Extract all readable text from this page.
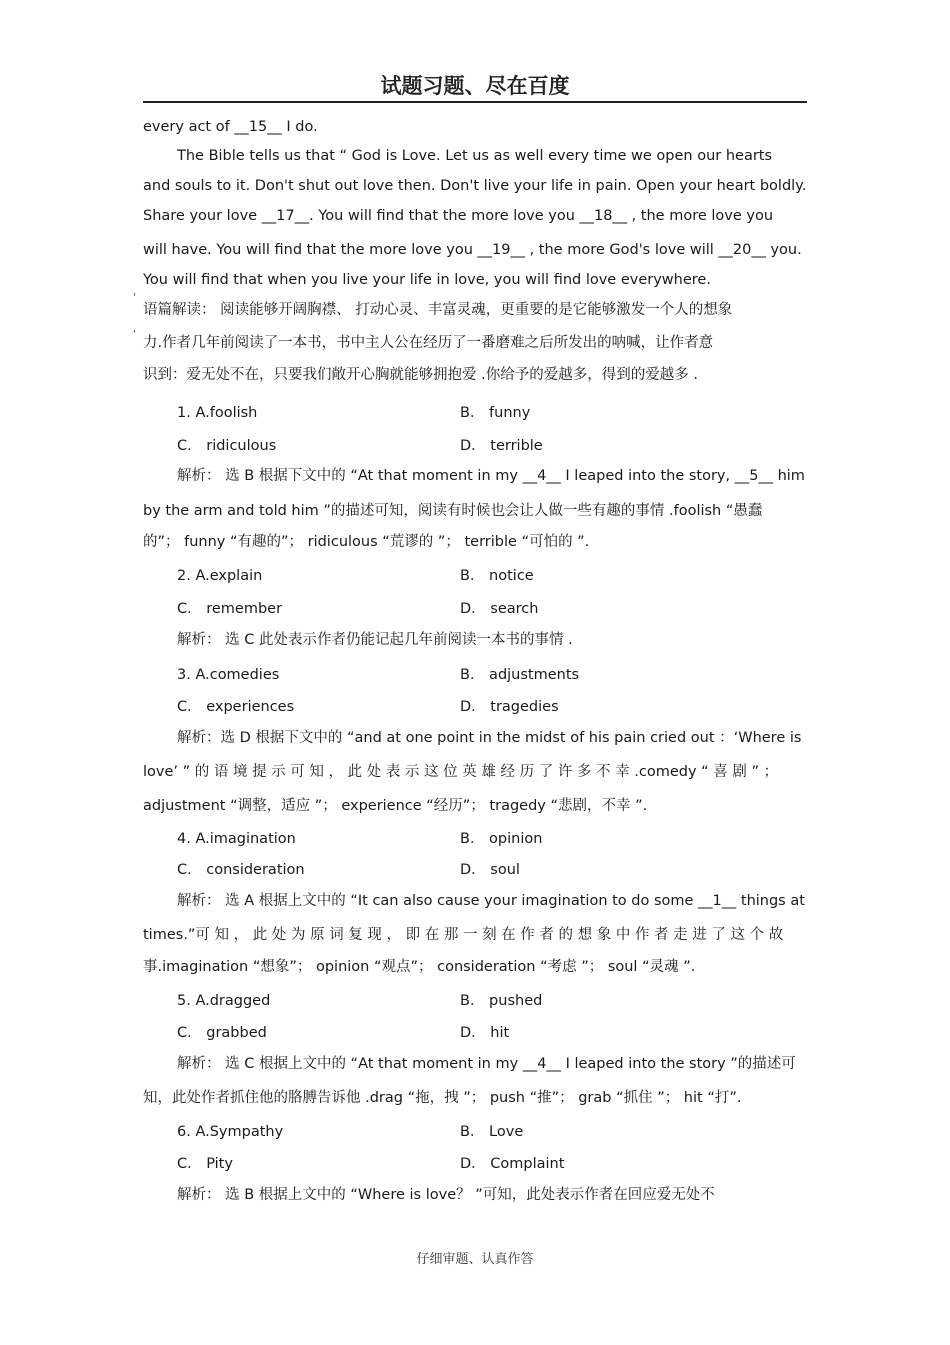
试题习题、尽在百度
every act of __15__ I do.
The Bible tells us that “ God is Love. Let us as well every time we open our hearts
and souls to it. Don't shut out love then. Don't live your life in pain. Open your heart boldly.
Share your love __17__. You will find that the more love you __18__ , the more love you
will have. You will find that the more love you __19__ , the more God's love will __20__ you.
You will find that when you live your life in love, you will find love everywhere.
'
语篇解读： 阅读能够开阔胸襟、 打动心灵、丰富灵魂，更重要的是它能够激发一个人的想象
'
力.作者几年前阅读了一本书，书中主人公在经历了一番磨难之后所发出的呐喊，让作者意
识到：爱无处不在，只要我们敞开心胸就能够拥抱爱 .你给予的爱越多，得到的爱越多 .
1. A.foolish	B． funny
C． ridiculous	D． terrible
解析： 选 B 根据下文中的 “At that moment in my __4__ I leaped into the story, __5__ him
by the arm and told him ”的描述可知，阅读有时候也会让人做一些有趣的事情 .foolish “愚蠢
的”； funny “有趣的”； ridiculous “荒谬的 ”； terrible “可怕的 ”.
2. A.explain	B． notice
C． remember	D． search
解析： 选 C 此处表示作者仍能记起几年前阅读一本书的事情 .
3. A.comedies	B． adjustments
C． experiences	D． tragedies
解析：选 D 根据下文中的 “and at one point in the midst of his pain cried out ：‘Where is
love’ ” 的 语 境 提 示 可 知 ， 此 处 表 示 这 位 英 雄 经 历 了 许 多 不 幸 .comedy “ 喜 剧 ” ；
adjustment “调整，适应 ”； experience “经历”； tragedy “悲剧，不幸 ”.
4. A.imagination	B． opinion
C． consideration	D． soul
解析： 选 A 根据上文中的 “It can also cause your imagination to do some __1__ things at
times.”可 知 ， 此 处 为 原 词 复 现 ， 即 在 那 一 刻 在 作 者 的 想 象 中 作 者 走 进 了 这 个 故
事.imagination “想象”； opinion “观点”； consideration “考虑 ”； soul “灵魂 ”.
5. A.dragged	B． pushed
C． grabbed	D． hit
解析： 选 C 根据上文中的 “At that moment in my __4__ I leaped into the story ”的描述可
知，此处作者抓住他的胳膊告诉他 .drag “拖，拽 ”； push “推”； grab “抓住 ”； hit “打”.
6. A.Sympathy	B． Love
C． Pity	D． Complaint
解析： 选 B 根据上文中的 “Where is love？ ”可知，此处表示作者在回应爱无处不
仔细审题、认真作答
